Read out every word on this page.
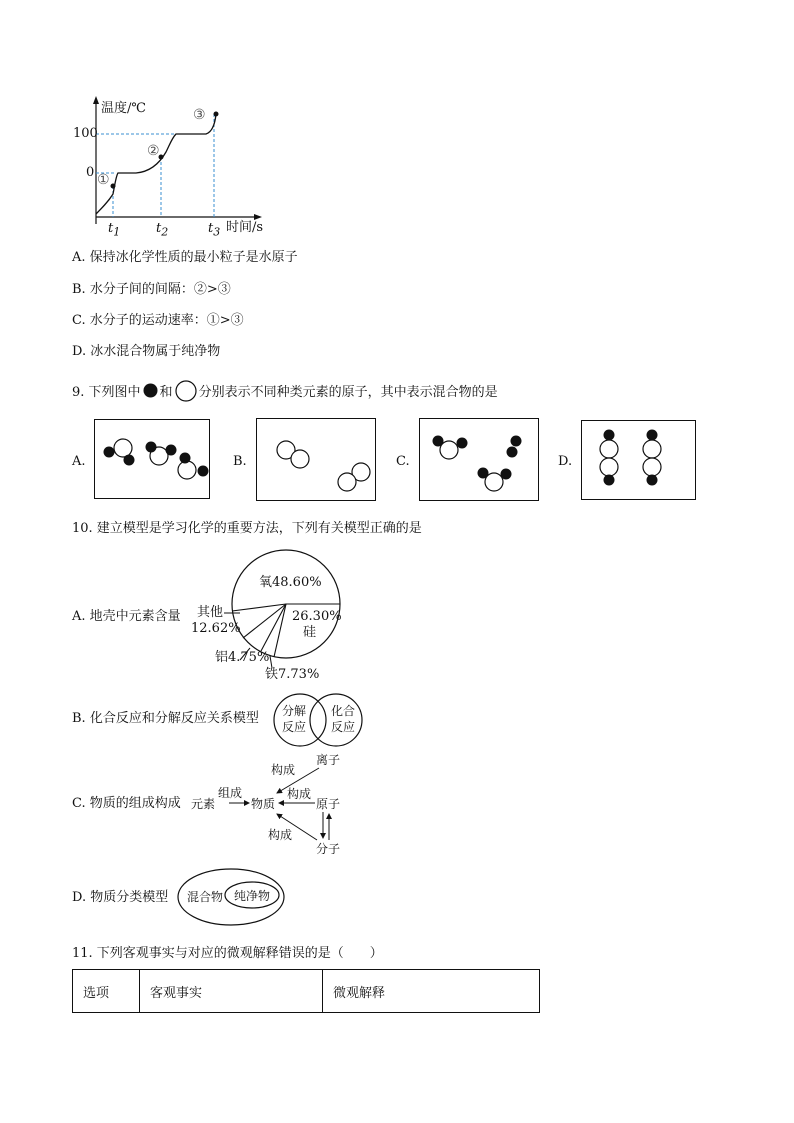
温度/℃
100
0 ①
②
③
$t_1$	$t_2$	$t_3$ 时间/s
A. 保持冰化学性质的最小粒子是水原子
B. 水分子间的间隔：②>③
C. 水分子的运动速率：①>③
D. 冰水混合物属于纯净物
9. 下列图中 和 分别表示不同种类元素的原子，其中表示混合物的是
A.	B.	C.	D.
10. 建立模型是学习化学的重要方法，下列有关模型正确的是
A. 地壳中元素含量
氧48.60%
26.30%
硅
其他
12.62%
铝4.75%
铁7.73%
B. 化合反应和分解反应关系模型 分解
反应
化合
反应
C. 物质的组成构成 元素
组成
物质
离子
原子
分子
构成
构成
构成
D. 物质分类模型 混合物 纯净物
11. 下列客观事实与对应的微观解释错误的是（　　）
选项	客观事实	微观解释
